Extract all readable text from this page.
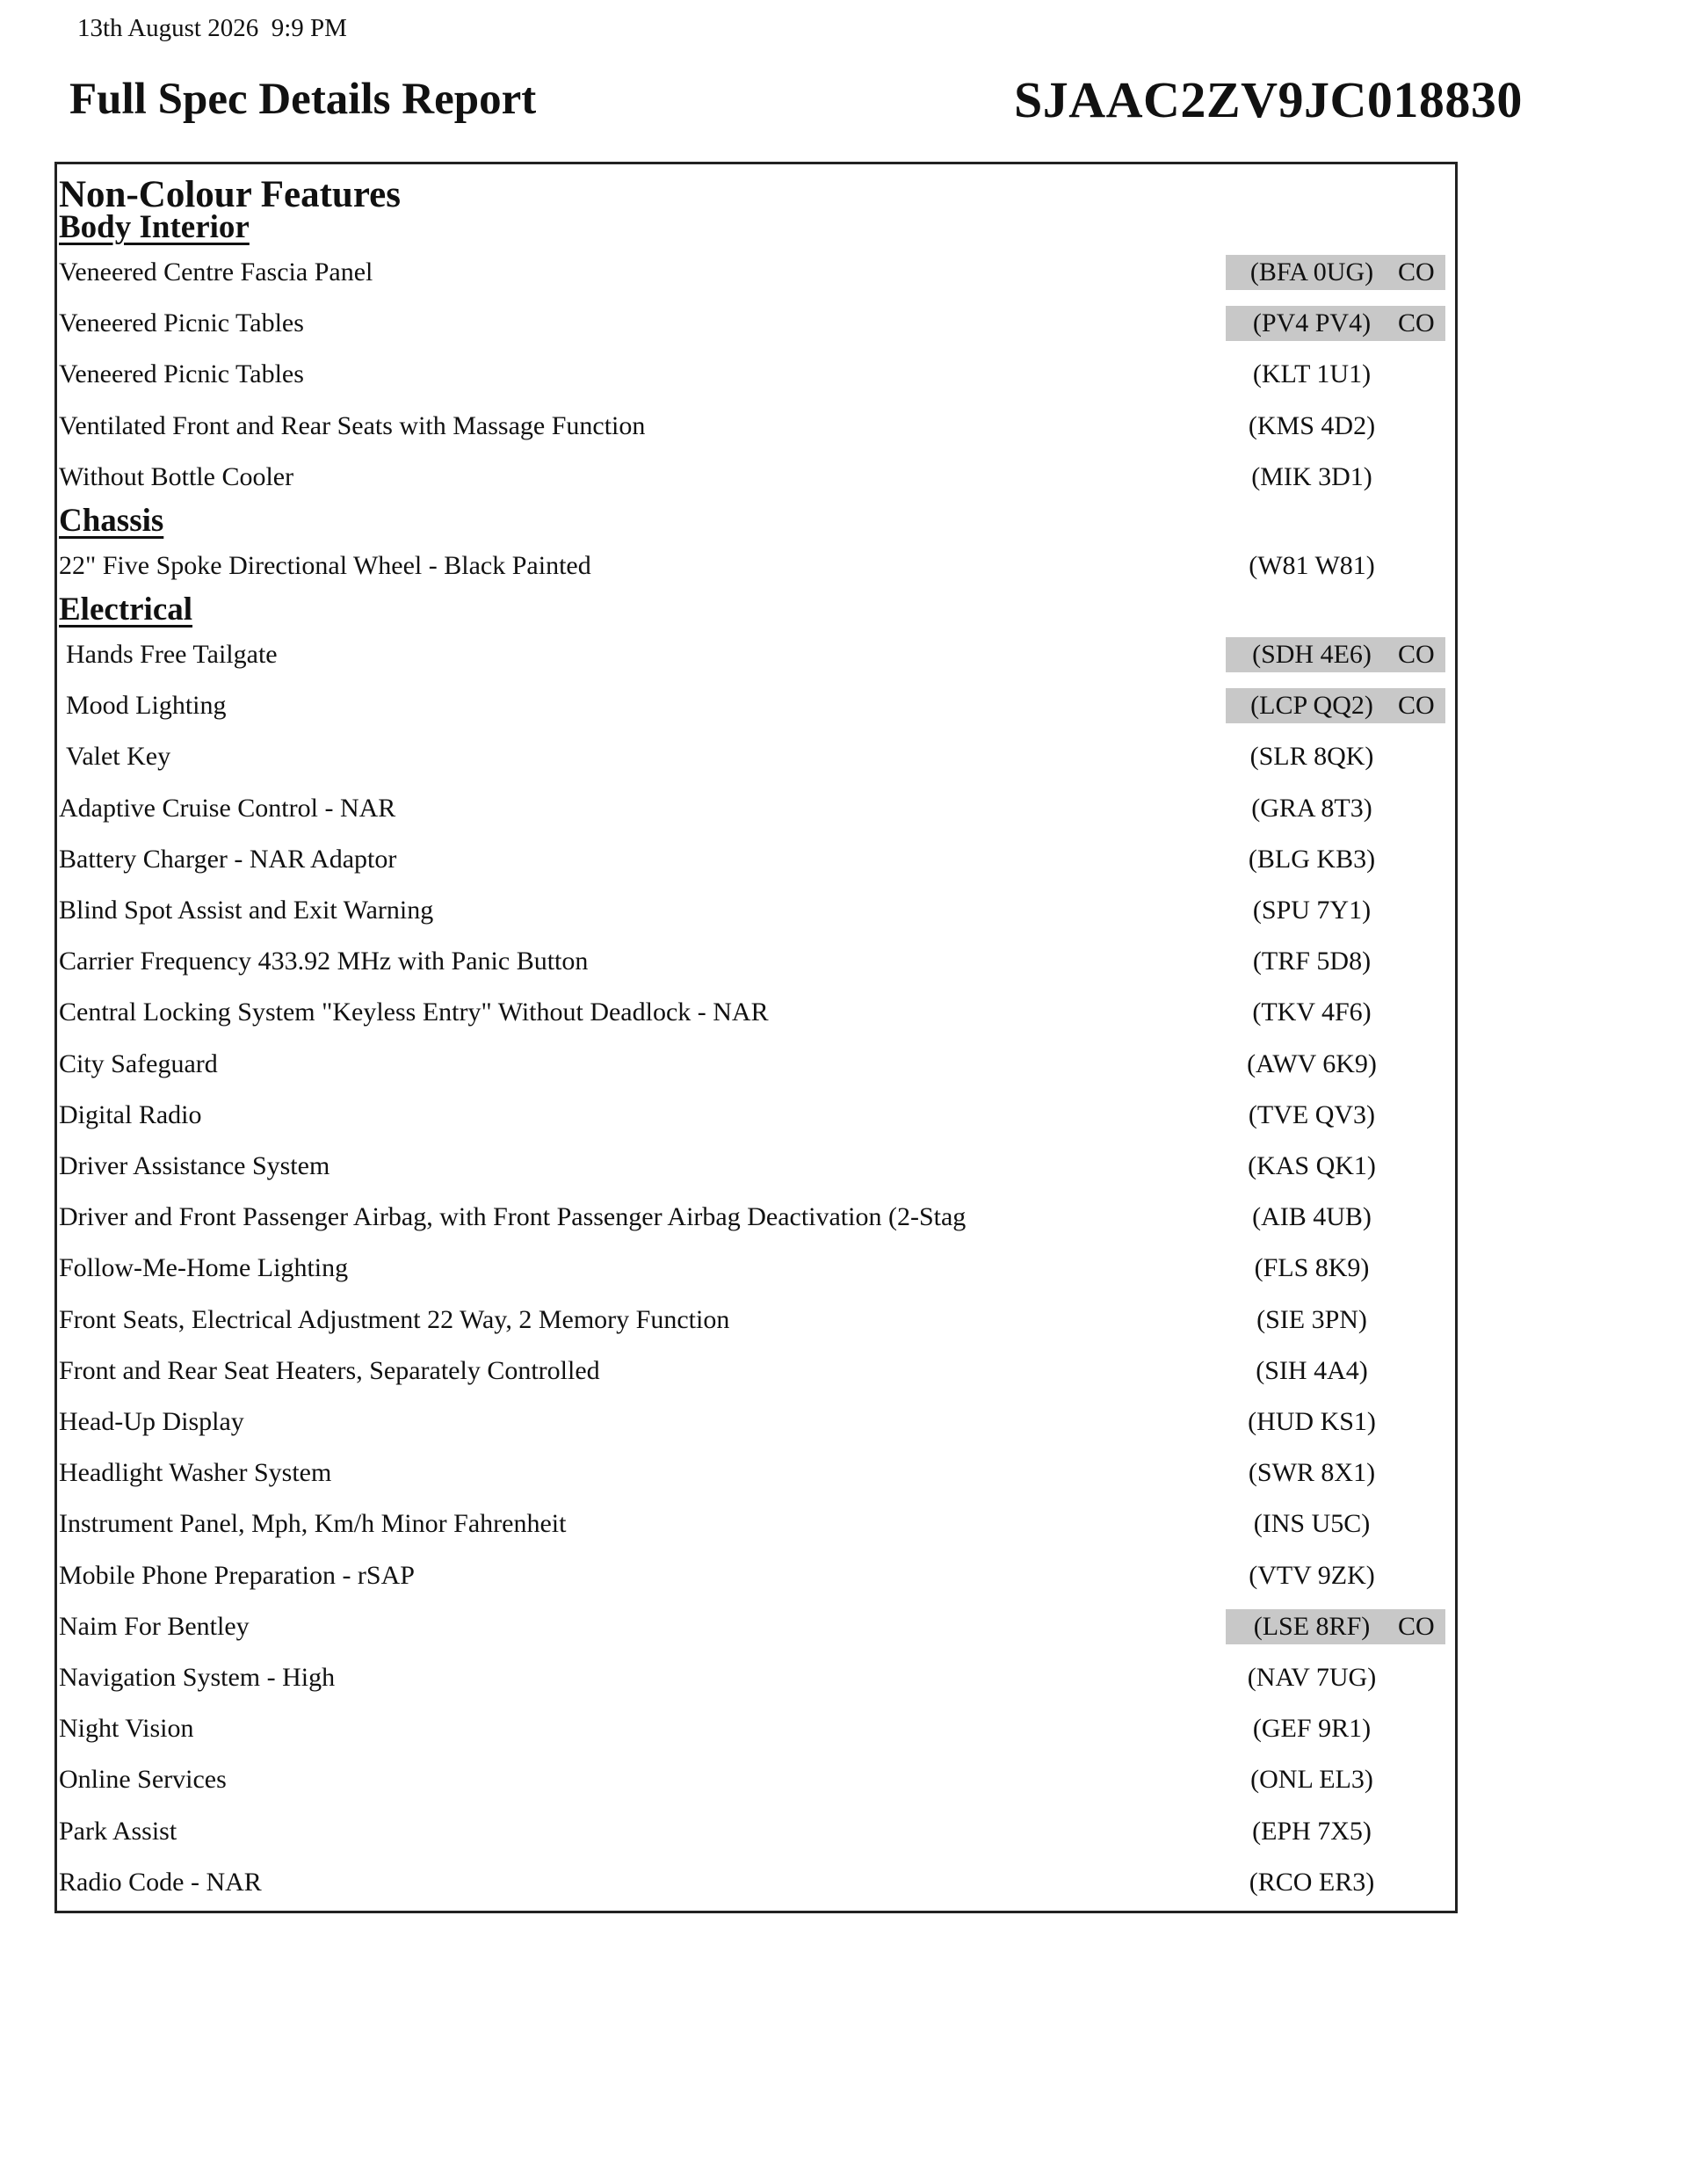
13th August 2026  9:9 PM
Full Spec Details Report	SJAAC2ZV9JC018830
Non-Colour Features
Body Interior
Veneered Centre Fascia Panel	(BFA 0UG) CO
Veneered Picnic Tables	(PV4 PV4)	CO
Veneered Picnic Tables	(KLT 1U1)
Ventilated Front and Rear Seats with Massage Function	(KMS 4D2)
Without Bottle Cooler	(MIK 3D1)
Chassis
22" Five Spoke Directional Wheel - Black Painted	(W81 W81)
Electrical
Hands Free Tailgate	(SDH 4E6)	CO
Mood Lighting	(LCP QQ2) CO
Valet Key	(SLR 8QK)
Adaptive Cruise Control - NAR	(GRA 8T3)
Battery Charger - NAR Adaptor	(BLG KB3)
Blind Spot Assist and Exit Warning	(SPU 7Y1)
Carrier Frequency 433.92 MHz with Panic Button	(TRF 5D8)
Central Locking System "Keyless Entry" Without Deadlock - NAR	(TKV 4F6)
City Safeguard	(AWV 6K9)
Digital Radio	(TVE QV3)
Driver Assistance System	(KAS QK1)
Driver and Front Passenger Airbag, with Front Passenger Airbag Deactivation (2-Stag	(AIB 4UB)
Follow-Me-Home Lighting	(FLS 8K9)
Front Seats, Electrical Adjustment 22 Way, 2 Memory Function	(SIE 3PN)
Front and Rear Seat Heaters, Separately Controlled	(SIH 4A4)
Head-Up Display	(HUD KS1)
Headlight Washer System	(SWR 8X1)
Instrument Panel, Mph, Km/h Minor Fahrenheit	(INS U5C)
Mobile Phone Preparation - rSAP	(VTV 9ZK)
Naim For Bentley	(LSE 8RF)	CO
Navigation System - High	(NAV 7UG)
Night Vision	(GEF 9R1)
Online Services	(ONL EL3)
Park Assist	(EPH 7X5)
Radio Code - NAR	(RCO ER3)
